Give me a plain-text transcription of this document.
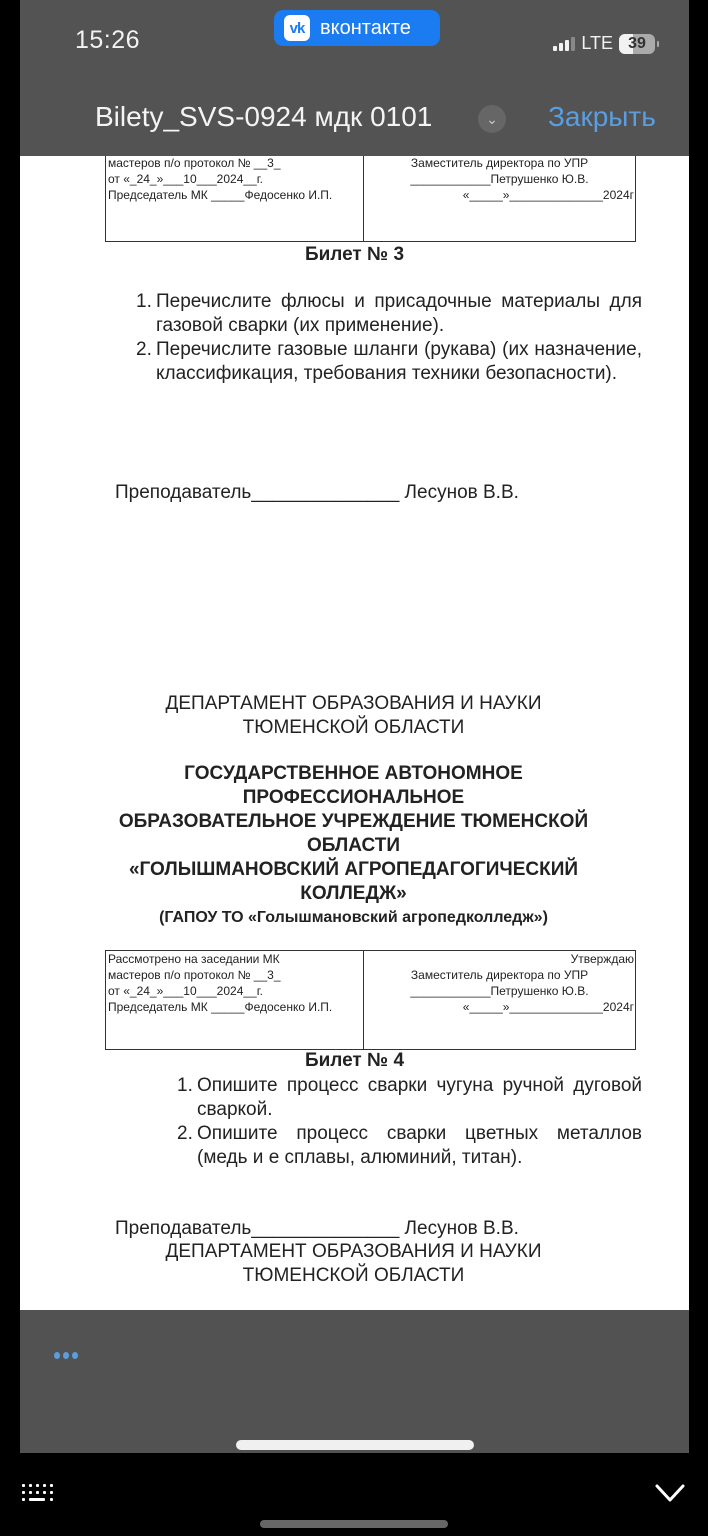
15:26	vk вконтакте
LTE 39
Bilety_SVS-0924 мдк 0101	⌄ Закрыть
мастеров п/о протокол № __3_
от «_24_»___10___2024__г.
Председатель МК _____Федосенко И.П.
Заместитель директора по УПР
____________Петрушенко Ю.В.
«_____»______________2024г
Билет № 3
1. Перечислите флюсы и присадочные материалы для газовой сварки (их применение).
2. Перечислите газовые шланги (рукава) (их назначение, классификация, требования техники безопасности).
Преподаватель______________ Лесунов В.В.
ДЕПАРТАМЕНТ ОБРАЗОВАНИЯ И НАУКИ
ТЮМЕНСКОЙ ОБЛАСТИ
ГОСУДАРСТВЕННОЕ АВТОНОМНОЕ
ПРОФЕССИОНАЛЬНОЕ
ОБРАЗОВАТЕЛЬНОЕ УЧРЕЖДЕНИЕ ТЮМЕНСКОЙ
ОБЛАСТИ
«ГОЛЫШМАНОВСКИЙ АГРОПЕДАГОГИЧЕСКИЙ
КОЛЛЕДЖ»
(ГАПОУ ТО «Голышмановский агропедколледж»)
Рассмотрено на заседании МК
мастеров п/о протокол № __3_
от «_24_»___10___2024__г.
Председатель МК _____Федосенко И.П.
Утверждаю
Заместитель директора по УПР
____________Петрушенко Ю.В.
«_____»______________2024г
Билет № 4
1. Опишите процесс сварки чугуна ручной дуговой сваркой.
2. Опишите процесс сварки цветных металлов (медь и е сплавы, алюминий, титан).
Преподаватель______________ Лесунов В.В.
ДЕПАРТАМЕНТ ОБРАЗОВАНИЯ И НАУКИ
ТЮМЕНСКОЙ ОБЛАСТИ
